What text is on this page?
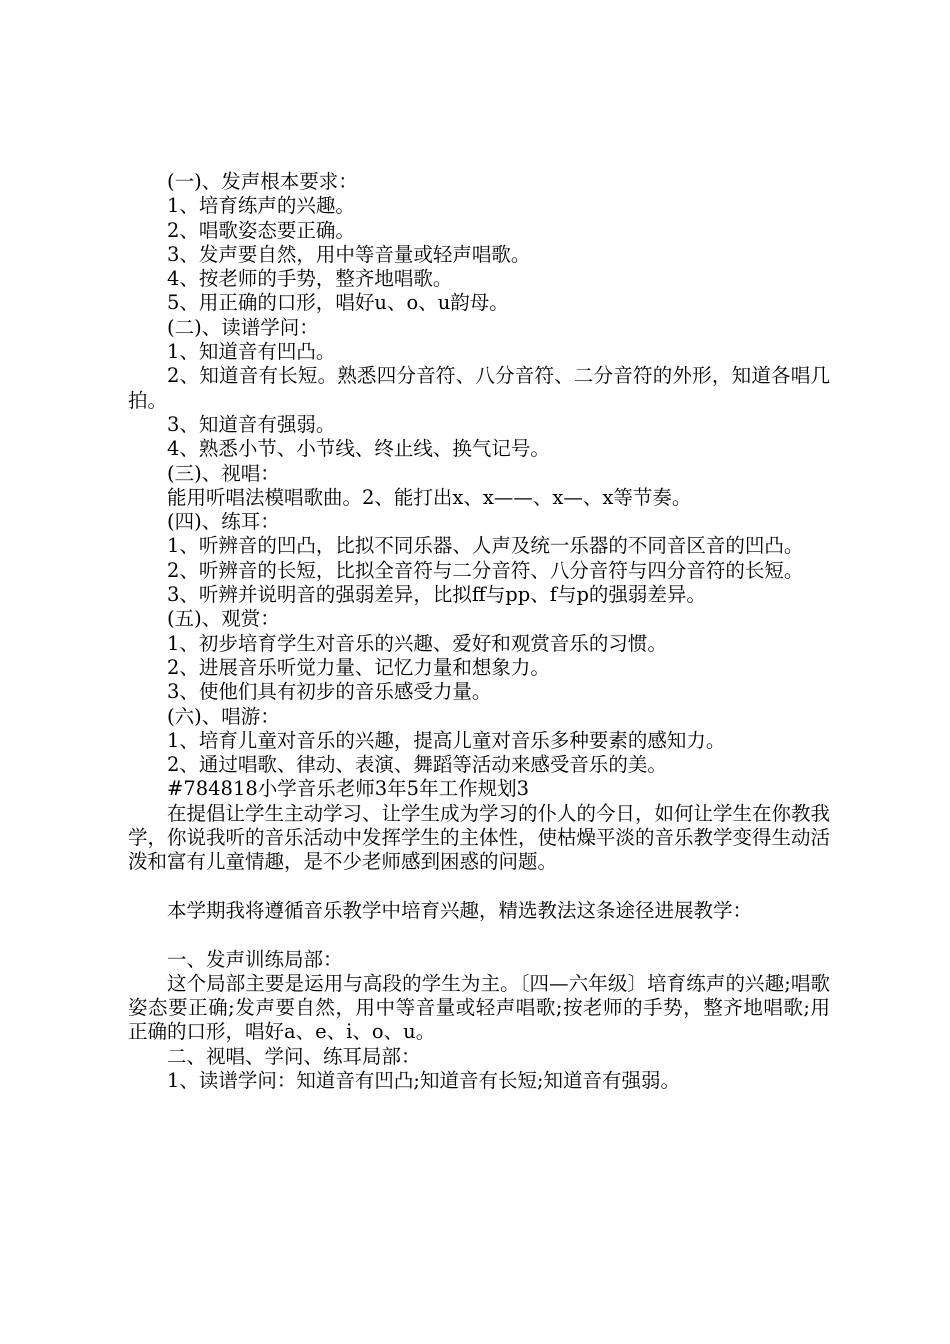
(一)、发声根本要求：

1、培育练声的兴趣。

2、唱歌姿态要正确。

3、发声要自然，用中等音量或轻声唱歌。

4、按老师的手势，整齐地唱歌。

5、用正确的口形，唱好u、o、u韵母。

(二)、读谱学问：

1、知道音有凹凸。

2、知道音有长短。熟悉四分音符、八分音符、二分音符的外形，知道各唱几拍。

3、知道音有强弱。

4、熟悉小节、小节线、终止线、换气记号。

(三)、视唱：

能用听唱法模唱歌曲。2、能打出x、x——、x—、x等节奏。

(四)、练耳：

1、听辨音的凹凸，比拟不同乐器、人声及统一乐器的不同音区音的凹凸。

2、听辨音的长短，比拟全音符与二分音符、八分音符与四分音符的长短。

3、听辨并说明音的强弱差异，比拟ff与pp、f与p的强弱差异。

(五)、观赏：

1、初步培育学生对音乐的兴趣、爱好和观赏音乐的习惯。

2、进展音乐听觉力量、记忆力量和想象力。

3、使他们具有初步的音乐感受力量。

(六)、唱游：

1、培育儿童对音乐的兴趣，提高儿童对音乐多种要素的感知力。

2、通过唱歌、律动、表演、舞蹈等活动来感受音乐的美。

#784818小学音乐老师3年5年工作规划3

在提倡让学生主动学习、让学生成为学习的仆人的今日，如何让学生在你教我学，你说我听的音乐活动中发挥学生的主体性，使枯燥平淡的音乐教学变得生动活泼和富有儿童情趣，是不少老师感到困惑的问题。

本学期我将遵循音乐教学中培育兴趣，精选教法这条途径进展教学：

一、发声训练局部：

这个局部主要是运用与高段的学生为主。〔四—六年级〕培育练声的兴趣;唱歌姿态要正确;发声要自然，用中等音量或轻声唱歌;按老师的手势，整齐地唱歌;用正确的口形，唱好a、e、i、o、u。

二、视唱、学问、练耳局部：

1、读谱学问：知道音有凹凸;知道音有长短;知道音有强弱。
